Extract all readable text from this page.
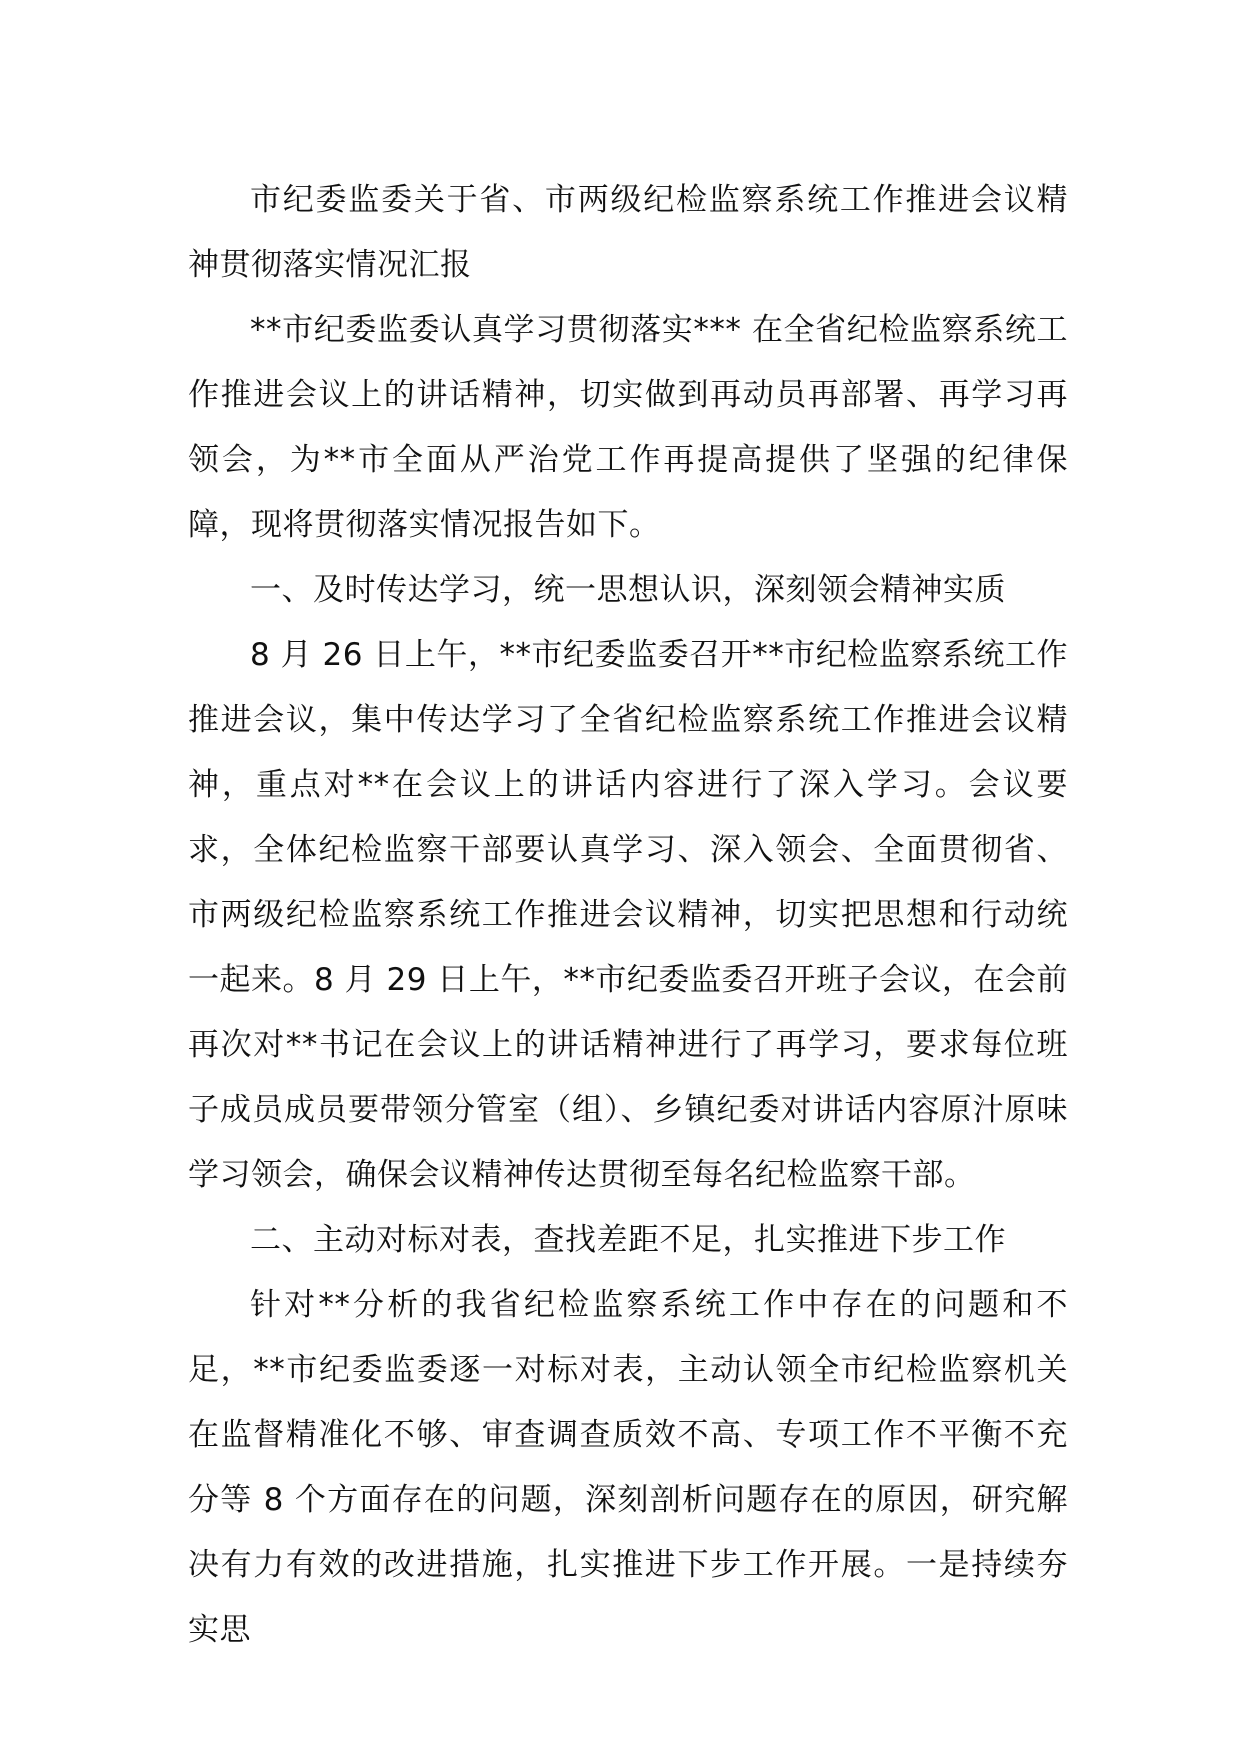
市纪委监委关于省、市两级纪检监察系统工作推进会议精神贯彻落实情况汇报

**市纪委监委认真学习贯彻落实*** 在全省纪检监察系统工作推进会议上的讲话精神，切实做到再动员再部署、再学习再领会，为**市全面从严治党工作再提高提供了坚强的纪律保障，现将贯彻落实情况报告如下。

一、及时传达学习，统一思想认识，深刻领会精神实质

8 月 26 日上午，**市纪委监委召开**市纪检监察系统工作推进会议，集中传达学习了全省纪检监察系统工作推进会议精神，重点对**在会议上的讲话内容进行了深入学习。会议要求，全体纪检监察干部要认真学习、深入领会、全面贯彻省、市两级纪检监察系统工作推进会议精神，切实把思想和行动统一起来。8 月 29 日上午，**市纪委监委召开班子会议，在会前再次对**书记在会议上的讲话精神进行了再学习，要求每位班子成员成员要带领分管室（组）、乡镇纪委对讲话内容原汁原味学习领会，确保会议精神传达贯彻至每名纪检监察干部。

二、主动对标对表，查找差距不足，扎实推进下步工作

针对**分析的我省纪检监察系统工作中存在的问题和不足，**市纪委监委逐一对标对表，主动认领全市纪检监察机关在监督精准化不够、审查调查质效不高、专项工作不平衡不充分等 8 个方面存在的问题，深刻剖析问题存在的原因，研究解决有力有效的改进措施，扎实推进下步工作开展。一是持续夯实思
